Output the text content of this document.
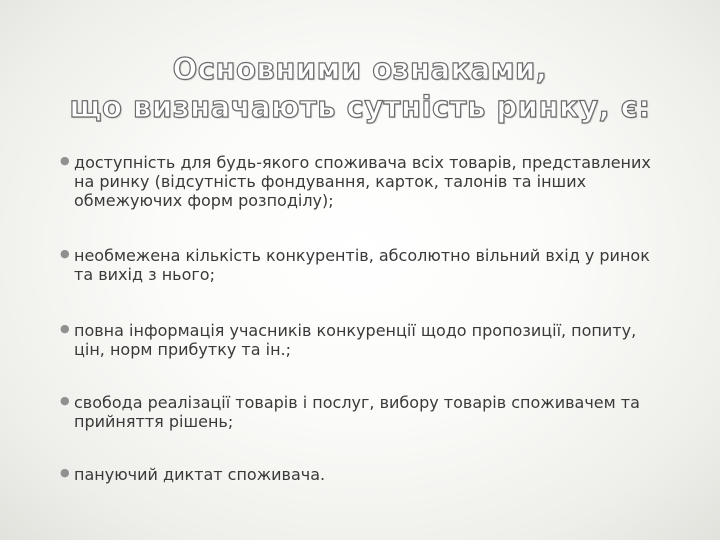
Основними ознаками,
що визначають сутність ринку, є:
● доступність для будь-якого споживача всіх товарів, представлених на ринку (відсутність фондування, карток, талонів та інших обмежуючих форм розподілу);
● необмежена кількість конкурентів, абсолютно вільний вхід у ринок та вихід з нього;
● повна інформація учасників конкуренції щодо пропозиції, попиту, цін, норм прибутку та ін.;
● свобода реалізації товарів і послуг, вибору товарів споживачем та прийняття рішень;
● пануючий диктат споживача.
